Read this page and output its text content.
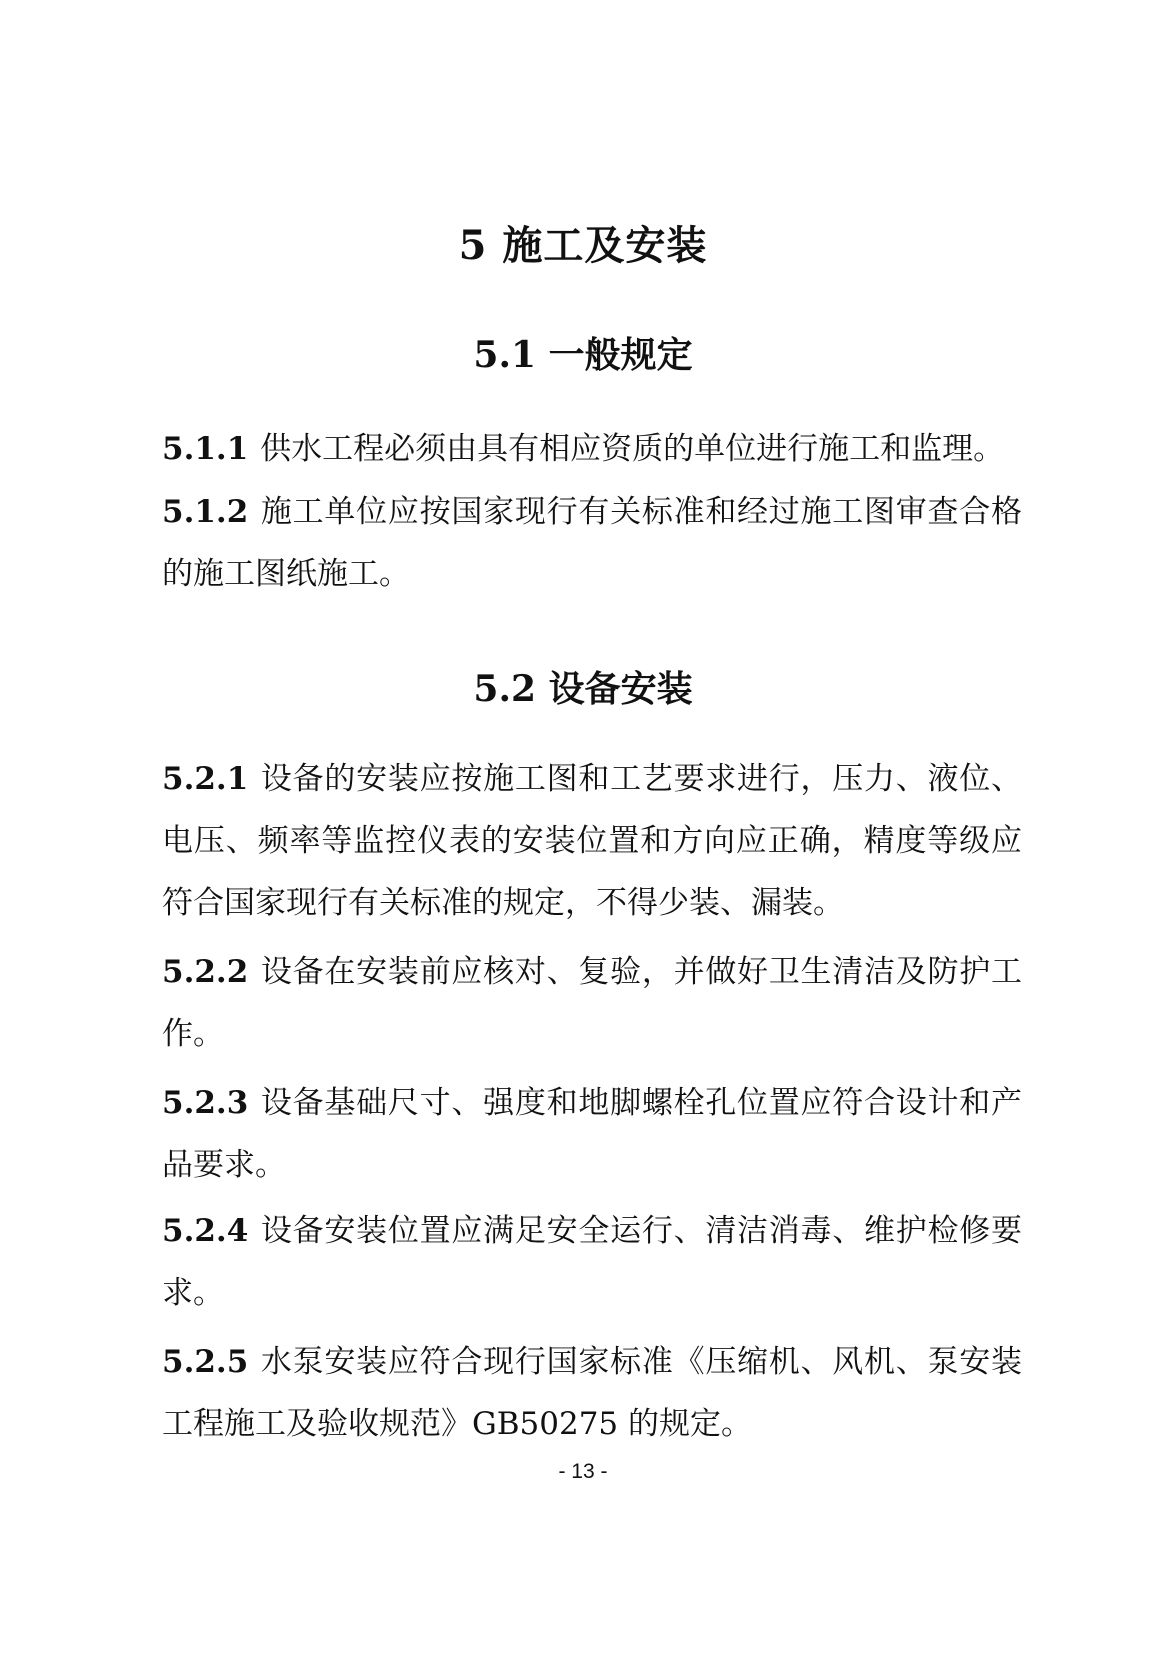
5 施工及安装
5.1 一般规定
5.1.1 供水工程必须由具有相应资质的单位进行施工和监理。
5.1.2 施工单位应按国家现行有关标准和经过施工图审查合格的施工图纸施工。
5.2 设备安装
5.2.1 设备的安装应按施工图和工艺要求进行，压力、液位、电压、频率等监控仪表的安装位置和方向应正确，精度等级应符合国家现行有关标准的规定，不得少装、漏装。
5.2.2 设备在安装前应核对、复验，并做好卫生清洁及防护工作。
5.2.3 设备基础尺寸、强度和地脚螺栓孔位置应符合设计和产品要求。
5.2.4 设备安装位置应满足安全运行、清洁消毒、维护检修要求。
5.2.5 水泵安装应符合现行国家标准《压缩机、风机、泵安装工程施工及验收规范》GB50275 的规定。
- 13 -
